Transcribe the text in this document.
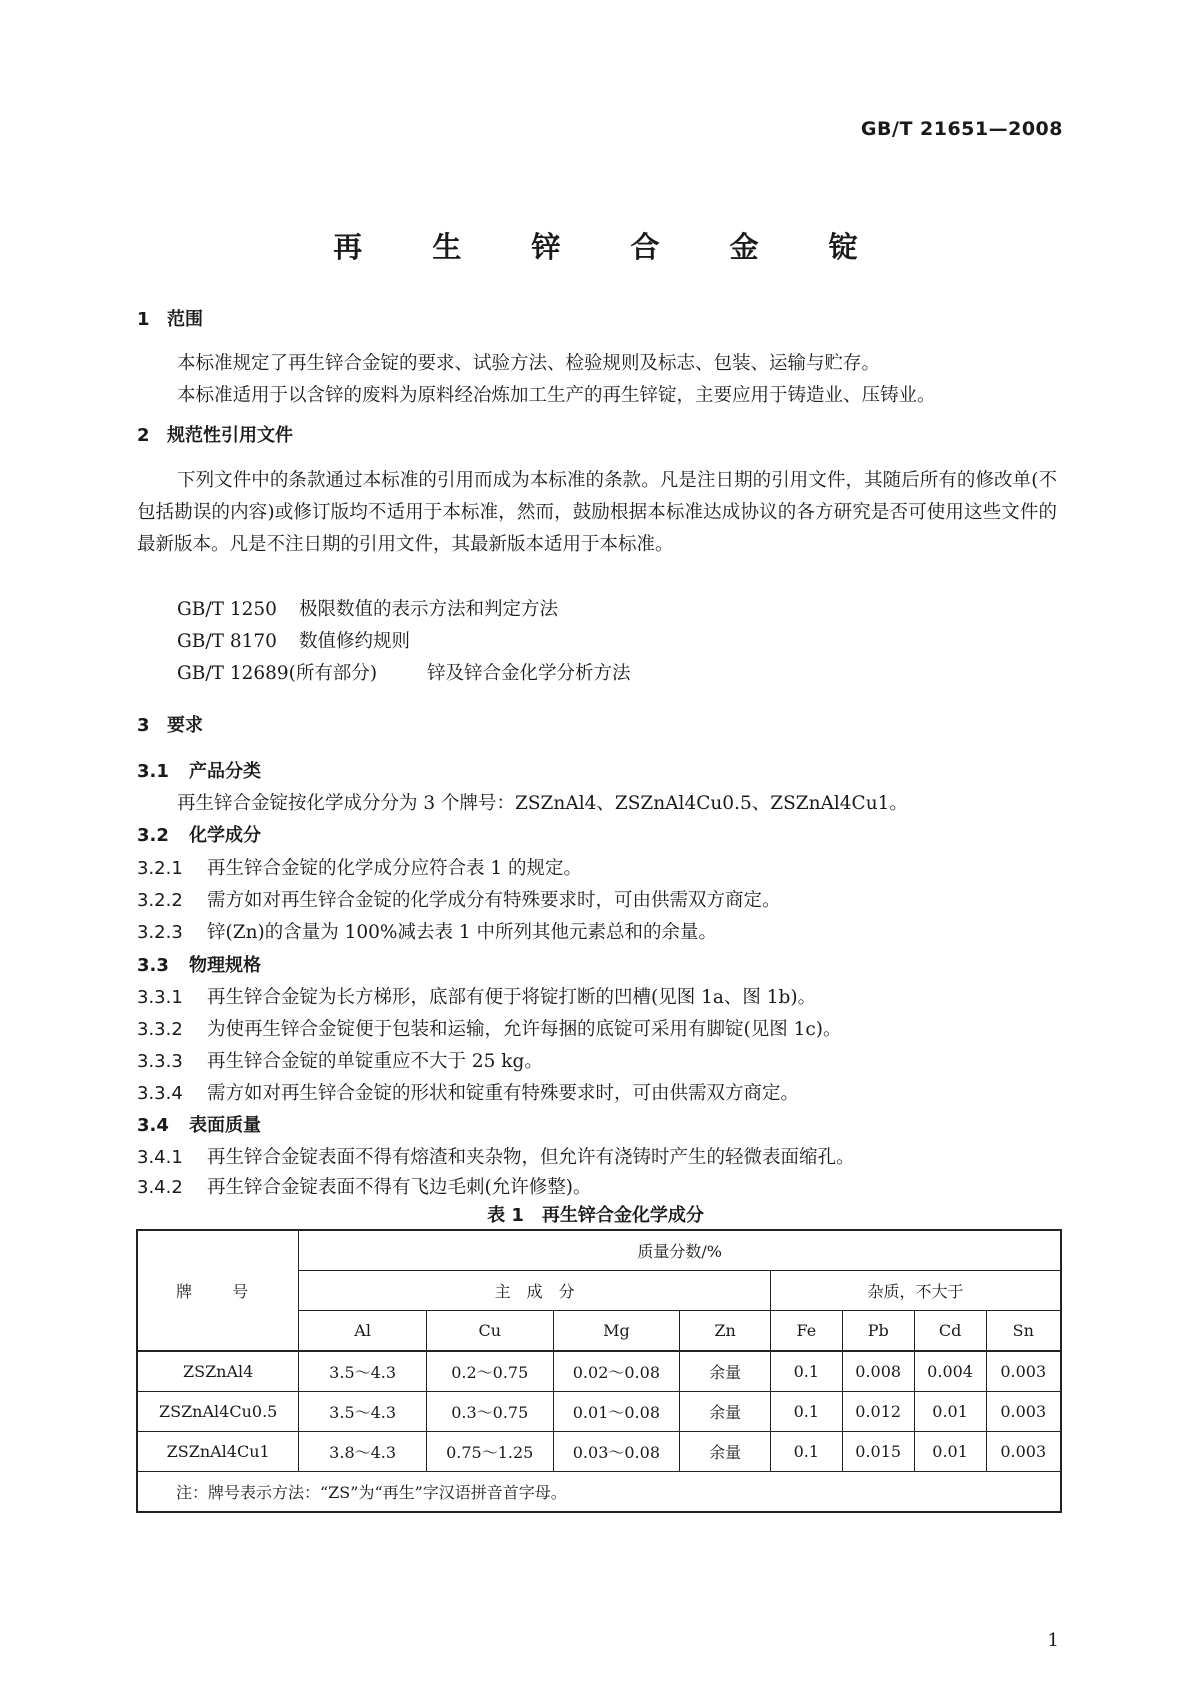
GB/T 21651—2008
再 生 锌 合 金 锭
1 范围
本标准规定了再生锌合金锭的要求、试验方法、检验规则及标志、包装、运输与贮存。
本标准适用于以含锌的废料为原料经冶炼加工生产的再生锌锭，主要应用于铸造业、压铸业。
2 规范性引用文件
下列文件中的条款通过本标准的引用而成为本标准的条款。凡是注日期的引用文件，其随后所有的修改单(不包括勘误的内容)或修订版均不适用于本标准，然而，鼓励根据本标准达成协议的各方研究是否可使用这些文件的最新版本。凡是不注日期的引用文件，其最新版本适用于本标准。
GB/T 1250 极限数值的表示方法和判定方法
GB/T 8170 数值修约规则
GB/T 12689(所有部分)	锌及锌合金化学分析方法
3 要求
3.1 产品分类
再生锌合金锭按化学成分分为 3 个牌号：ZSZnAl4、ZSZnAl4Cu0.5、ZSZnAl4Cu1。
3.2 化学成分
3.2.1 再生锌合金锭的化学成分应符合表 1 的规定。
3.2.2 需方如对再生锌合金锭的化学成分有特殊要求时，可由供需双方商定。
3.2.3 锌(Zn)的含量为 100%减去表 1 中所列其他元素总和的余量。
3.3 物理规格
3.3.1 再生锌合金锭为长方梯形，底部有便于将锭打断的凹槽(见图 1a、图 1b)。
3.3.2 为使再生锌合金锭便于包装和运输，允许每捆的底锭可采用有脚锭(见图 1c)。
3.3.3 再生锌合金锭的单锭重应不大于 25 kg。
3.3.4 需方如对再生锌合金锭的形状和锭重有特殊要求时，可由供需双方商定。
3.4 表面质量
3.4.1 再生锌合金锭表面不得有熔渣和夹杂物，但允许有浇铸时产生的轻微表面缩孔。
3.4.2 再生锌合金锭表面不得有飞边毛刺(允许修整)。
表 1　再生锌合金化学成分
牌　号	质量分数/%							
	主　成　分				杂质，不大于			
	Al	Cu	Mg	Zn	Fe	Pb	Cd	Sn
ZSZnAl4	3.5～4.3	0.2～0.75	0.02～0.08	余量	0.1	0.008	0.004	0.003
ZSZnAl4Cu0.5	3.5～4.3	0.3～0.75	0.01～0.08	余量	0.1	0.012	0.01	0.003
ZSZnAl4Cu1	3.8～4.3	0.75～1.25	0.03～0.08	余量	0.1	0.015	0.01	0.003
注：牌号表示方法：“ZS”为“再生”字汉语拼音首字母。								
1
